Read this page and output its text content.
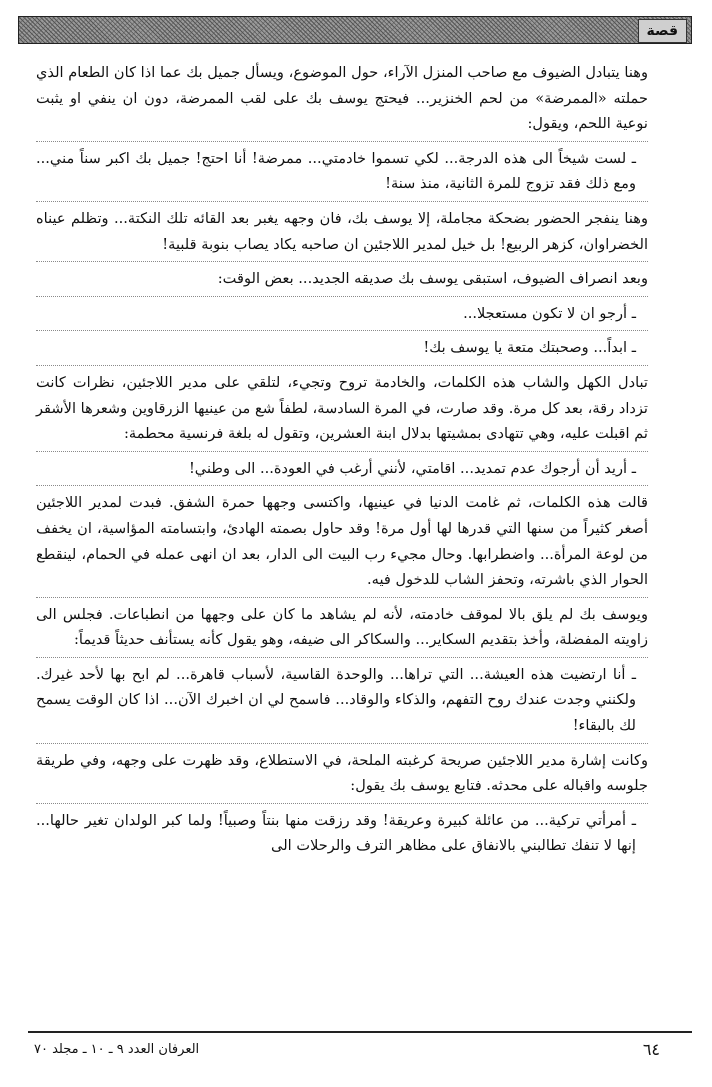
قصة

وهنا يتبادل الضيوف مع صاحب المنزل الآراء، حول الموضوع، ويسأل جميل بك عما اذا كان الطعام الذي حملته «الممرضة» من لحم الخنزير... فيحتج يوسف بك على لقب الممرضة، دون ان ينفي او يثبت نوعية اللحم، ويقول:

ـ لست شيخاً الى هذه الدرجة... لكي تسموا خادمتي... ممرضة! أنا احتج! جميل بك اكبر سناً مني... ومع ذلك فقد تزوج للمرة الثانية، منذ سنة!

وهنا ينفجر الحضور بضحكة مجاملة، إلا يوسف بك، فان وجهه يغبر بعد القائه تلك النكتة... وتظلم عيناه الخضراوان، كزهر الربيع! بل خيل لمدير اللاجئين ان صاحبه يكاد يصاب بنوبة قلبية!

وبعد انصراف الضيوف، استبقى يوسف بك صديقه الجديد... بعض الوقت:

ـ أرجو ان لا تكون مستعجلا...

ـ ابداً... وصحبتك متعة يا يوسف بك!

تبادل الكهل والشاب هذه الكلمات، والخادمة تروح وتجيء، لتلقي على مدير اللاجئين، نظرات كانت تزداد رقة، بعد كل مرة. وقد صارت، في المرة السادسة، لطفاً شع من عينيها الزرقاوين وشعرها الأشقر ثم اقبلت عليه، وهي تتهادى بمشيتها بدلال ابنة العشرين، وتقول له بلغة فرنسية محطمة:

ـ أريد أن أرجوك عدم تمديد... اقامتي، لأنني أرغب في العودة... الى وطني!

قالت هذه الكلمات، ثم غامت الدنيا في عينيها، واكتسى وجهها حمرة الشفق. فبدت لمدير اللاجئين أصغر كثيراً من سنها التي قدرها لها أول مرة! وقد حاول بصمته الهادئ، وابتسامته المؤاسية، ان يخفف من لوعة المرأة... واضطرابها. وحال مجيء رب البيت الى الدار، بعد ان انهى عمله في الحمام، لينقطع الحوار الذي باشرته، وتحفز الشاب للدخول فيه.

ويوسف بك لم يلق بالا لموقف خادمته، لأنه لم يشاهد ما كان على وجهها من انطباعات. فجلس الى زاويته المفضلة، وأخذ بتقديم السكاير... والسكاكر الى ضيفه، وهو يقول كأنه يستأنف حديثاً قديماً:

ـ أنا ارتضيت هذه العيشة... التي تراها... والوحدة القاسية، لأسباب قاهرة... لم ابح بها لأحد غيرك. ولكنني وجدت عندك روح التفهم، والذكاء والوقاد... فاسمح لي ان اخبرك الآن... اذا كان الوقت يسمح لك بالبقاء!

وكانت إشارة مدير اللاجئين صريحة كرغبته الملحة، في الاستطلاع، وقد ظهرت على وجهه، وفي طريقة جلوسه واقباله على محدثه. فتابع يوسف بك يقول:

ـ أمرأتي تركية... من عائلة كبيرة وعريقة! وقد رزقت منها بنتاً وصبياً! ولما كبر الولدان تغير حالها... إنها لا تنفك تطالبني بالانفاق على مظاهر الترف والرحلات الى

العرفان العدد ٩ ـ ١٠ ـ مجلد ٧٠	٦٤
